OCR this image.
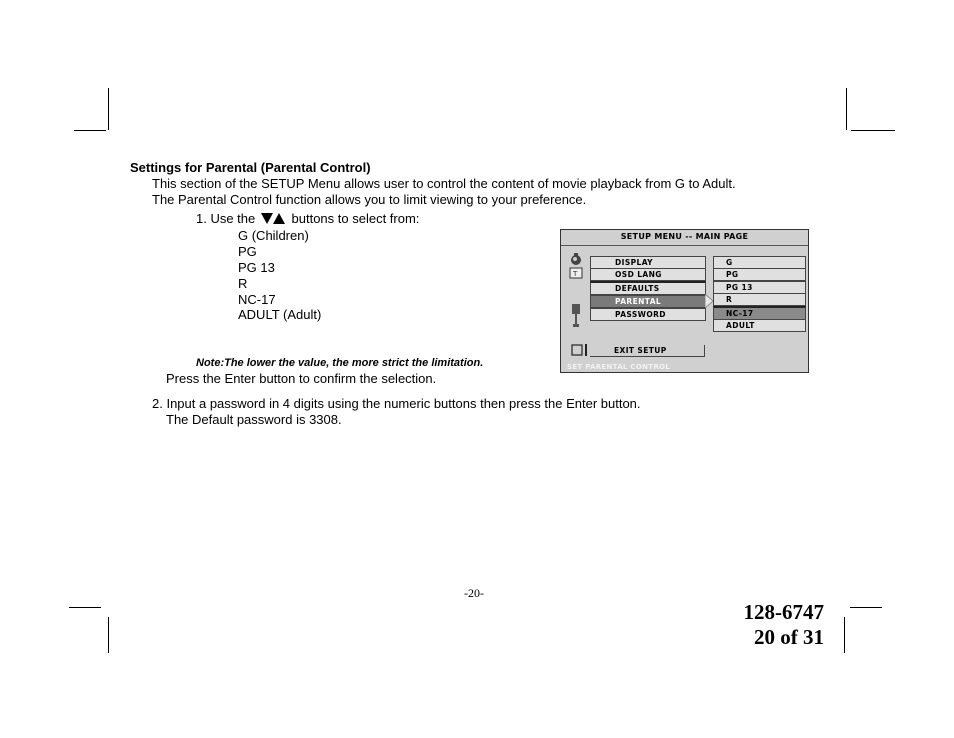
Settings for Parental (Parental Control)
This section of the SETUP Menu allows user to control the content of movie playback from G to Adult.
The Parental Control function allows you to limit viewing to your preference.
1. Use the	buttons to select from:
G (Children)
PG
PG 13
R
NC-17
ADULT (Adult)
Note:The lower the value, the more strict the limitation.
Press the Enter button to confirm the selection.
2. Input a password in 4 digits using the numeric buttons then press the Enter button.
The Default password is 3308.
SETUP MENU -- MAIN PAGE
T
DISPLAY
OSD LANG
DEFAULTS
PARENTAL
PASSWORD
EXIT SETUP
G
PG
PG 13
R
NC-17
ADULT
SET PARENTAL CONTROL
-20-
128-6747
20 of 31
